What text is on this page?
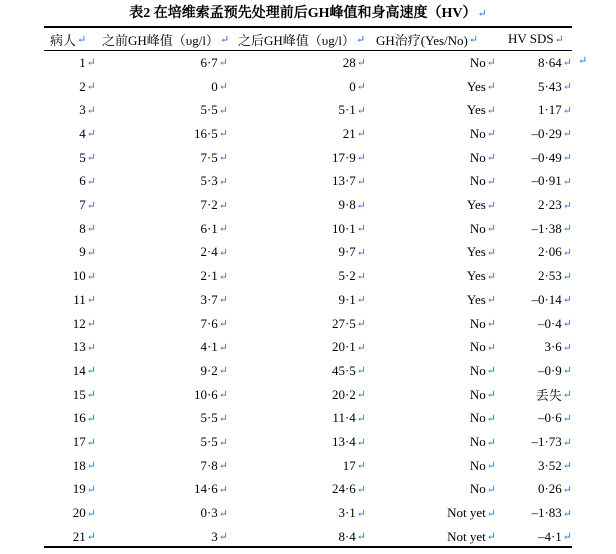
表2 在培维索孟预先处理前后GH峰值和身高速度（HV）↵
病人 ↵ 之前GH峰值（υg/l） ↵ 之后GH峰值（υg/l） ↵ GH治疗(Yes/No) ↵ HV SDS ↵
↵
1 ↵	6·7 ↵	28 ↵	No ↵	8·64 ↵
2 ↵	0 ↵	0 ↵	Yes ↵	5·43 ↵
3 ↵	5·5 ↵	5·1 ↵	Yes ↵	1·17 ↵
4 ↵	16·5 ↵	21 ↵	No ↵	–0·29 ↵
5 ↵	7·5 ↵	17·9 ↵	No ↵	–0·49 ↵
6 ↵	5·3 ↵	13·7 ↵	No ↵	–0·91 ↵
7 ↵	7·2 ↵	9·8 ↵	Yes ↵	2·23 ↵
8 ↵	6·1 ↵	10·1 ↵	No ↵	–1·38 ↵
9 ↵	2·4 ↵	9·7 ↵	Yes ↵	2·06 ↵
10 ↵	2·1 ↵	5·2 ↵	Yes ↵	2·53 ↵
11 ↵	3·7 ↵	9·1 ↵	Yes ↵	–0·14 ↵
12 ↵	7·6 ↵	27·5 ↵	No ↵	–0·4 ↵
13 ↵	4·1 ↵	20·1 ↵	No ↵	3·6 ↵
14 ↵	9·2 ↵	45·5 ↵	No ↵	–0·9 ↵
15 ↵	10·6 ↵	20·2 ↵	No ↵	丢失 ↵
16 ↵	5·5 ↵	11·4 ↵	No ↵	–0·6 ↵
17 ↵	5·5 ↵	13·4 ↵	No ↵	–1·73 ↵
18 ↵	7·8 ↵	17 ↵	No ↵	3·52 ↵
19 ↵	14·6 ↵	24·6 ↵	No ↵	0·26 ↵
20 ↵	0·3 ↵	3·1 ↵	Not yet ↵	–1·83 ↵
21 ↵	3 ↵	8·4 ↵	Not yet ↵	–4·1 ↵
